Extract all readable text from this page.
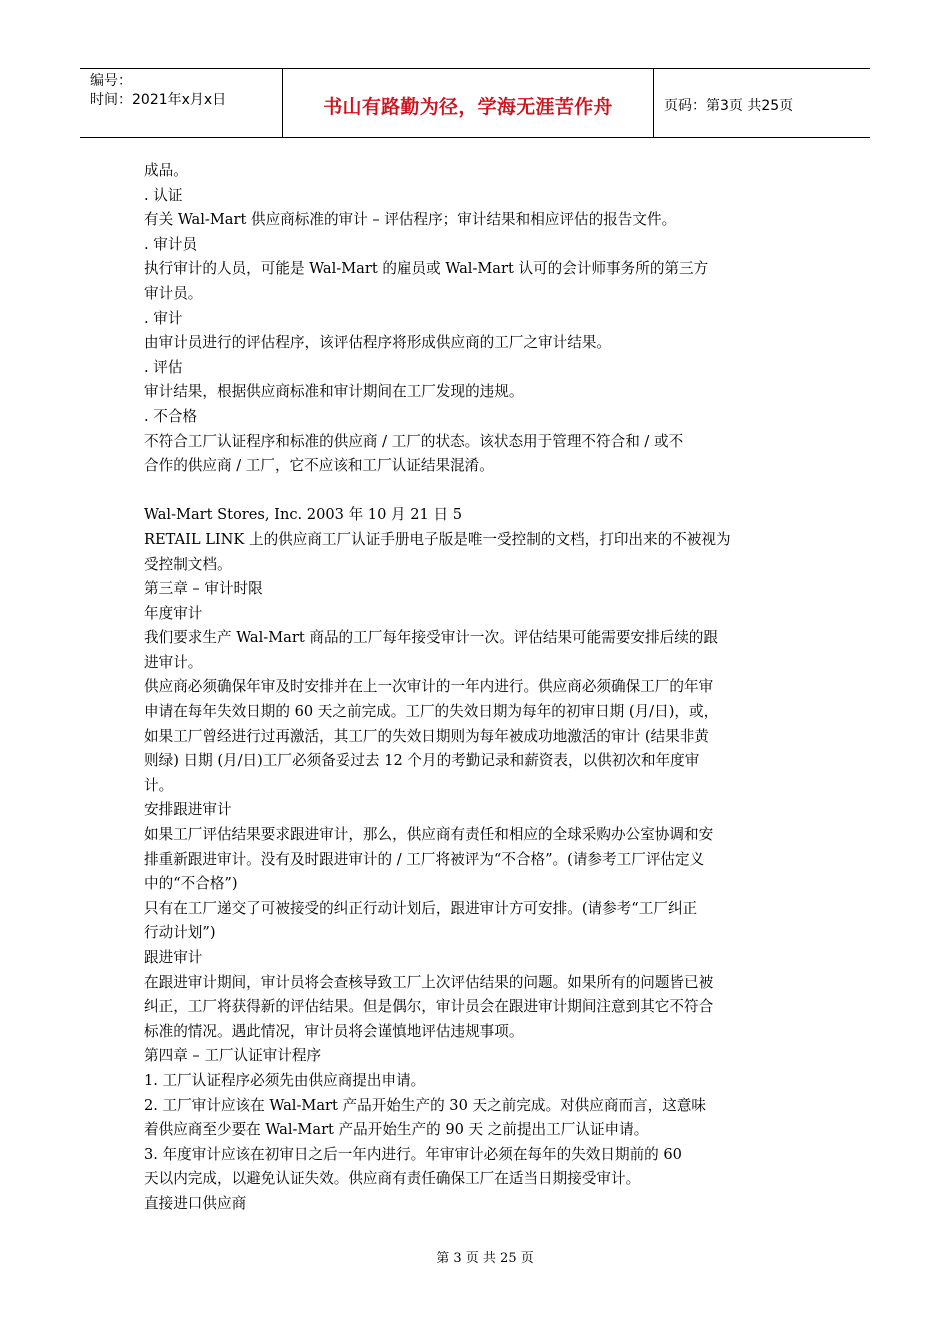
编号：
时间：2021年x月x日	书山有路勤为径，学海无涯苦作舟	页码：第3页 共25页
成品。
. 认证
有关 Wal-Mart 供应商标准的审计 – 评估程序；审计结果和相应评估的报告文件。
. 审计员
执行审计的人员，可能是 Wal-Mart 的雇员或 Wal-Mart 认可的会计师事务所的第三方
审计员。
. 审计
由审计员进行的评估程序，该评估程序将形成供应商的工厂之审计结果。
. 评估
审计结果，根据供应商标准和审计期间在工厂发现的违规。
. 不合格
不符合工厂认证程序和标准的供应商 / 工厂的状态。该状态用于管理不符合和 / 或不
合作的供应商 / 工厂，它不应该和工厂认证结果混淆。
Wal-Mart Stores, Inc. 2003 年 10 月 21 日 5
RETAIL LINK 上的供应商工厂认证手册电子版是唯一受控制的文档，打印出来的不被视为
受控制文档。
第三章 – 审计时限
年度审计
我们要求生产 Wal-Mart 商品的工厂每年接受审计一次。评估结果可能需要安排后续的跟
进审计。
供应商必须确保年审及时安排并在上一次审计的一年内进行。供应商必须确保工厂的年审
申请在每年失效日期的 60 天之前完成。工厂的失效日期为每年的初审日期 (月/日)，或，
如果工厂曾经进行过再激活，其工厂的失效日期则为每年被成功地激活的审计 (结果非黄
则绿) 日期 (月/日)工厂必须备妥过去 12 个月的考勤记录和薪资表，以供初次和年度审
计。
安排跟进审计
如果工厂评估结果要求跟进审计，那么，供应商有责任和相应的全球采购办公室协调和安
排重新跟进审计。没有及时跟进审计的 / 工厂将被评为“不合格”。(请参考工厂评估定义
中的“不合格”)
只有在工厂递交了可被接受的纠正行动计划后，跟进审计方可安排。(请参考“工厂纠正
行动计划”)
跟进审计
在跟进审计期间，审计员将会查核导致工厂上次评估结果的问题。如果所有的问题皆已被
纠正，工厂将获得新的评估结果。但是偶尔，审计员会在跟进审计期间注意到其它不符合
标准的情况。遇此情况，审计员将会谨慎地评估违规事项。
第四章 – 工厂认证审计程序
1. 工厂认证程序必须先由供应商提出申请。
2. 工厂审计应该在 Wal-Mart 产品开始生产的 30 天之前完成。对供应商而言，这意味
着供应商至少要在 Wal-Mart 产品开始生产的 90 天 之前提出工厂认证申请。
3. 年度审计应该在初审日之后一年内进行。年审审计必须在每年的失效日期前的 60
天以内完成，以避免认证失效。供应商有责任确保工厂在适当日期接受审计。
直接进口供应商
第 3 页 共 25 页
